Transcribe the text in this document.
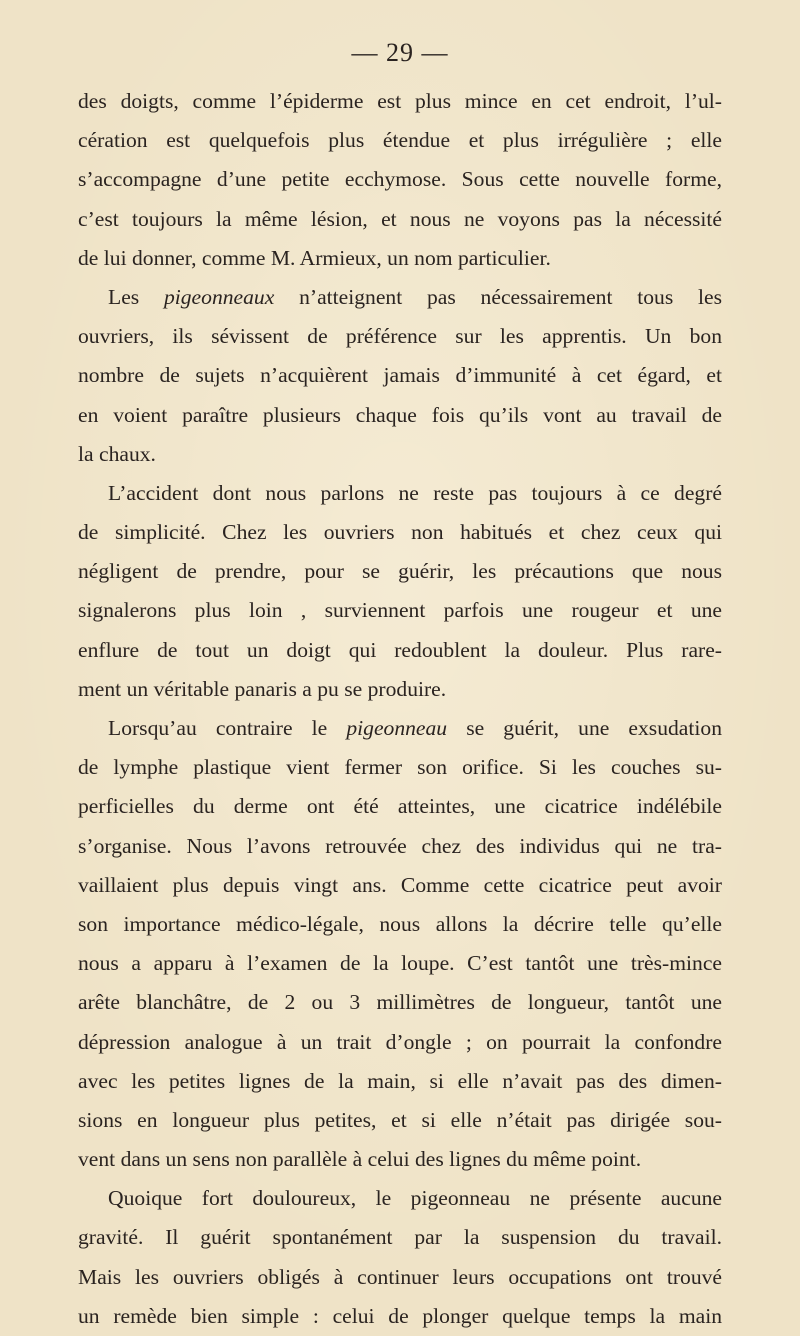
— 29 —
des doigts, comme l’épiderme est plus mince en cet endroit, l’ul-
cération est quelquefois plus étendue et plus irrégulière ; elle
s’accompagne d’une petite ecchymose. Sous cette nouvelle forme,
c’est toujours la même lésion, et nous ne voyons pas la nécessité
de lui donner, comme M. Armieux, un nom particulier.
Les pigeonneaux n’atteignent pas nécessairement tous les
ouvriers, ils sévissent de préférence sur les apprentis. Un bon
nombre de sujets n’acquièrent jamais d’immunité à cet égard, et
en voient paraître plusieurs chaque fois qu’ils vont au travail de
la chaux.
L’accident dont nous parlons ne reste pas toujours à ce degré
de simplicité. Chez les ouvriers non habitués et chez ceux qui
négligent de prendre, pour se guérir, les précautions que nous
signalerons plus loin , surviennent parfois une rougeur et une
enflure de tout un doigt qui redoublent la douleur. Plus rare-
ment un véritable panaris a pu se produire.
Lorsqu’au contraire le pigeonneau se guérit, une exsudation
de lymphe plastique vient fermer son orifice. Si les couches su-
perficielles du derme ont été atteintes, une cicatrice indélébile
s’organise. Nous l’avons retrouvée chez des individus qui ne tra-
vaillaient plus depuis vingt ans. Comme cette cicatrice peut avoir
son importance médico-légale, nous allons la décrire telle qu’elle
nous a apparu à l’examen de la loupe. C’est tantôt une très-mince
arête blanchâtre, de 2 ou 3 millimètres de longueur, tantôt une
dépression analogue à un trait d’ongle ; on pourrait la confondre
avec les petites lignes de la main, si elle n’avait pas des dimen-
sions en longueur plus petites, et si elle n’était pas dirigée sou-
vent dans un sens non parallèle à celui des lignes du même point.
Quoique fort douloureux, le pigeonneau ne présente aucune
gravité. Il guérit spontanément par la suspension du travail.
Mais les ouvriers obligés à continuer leurs occupations ont trouvé
un remède bien simple : celui de plonger quelque temps la main
